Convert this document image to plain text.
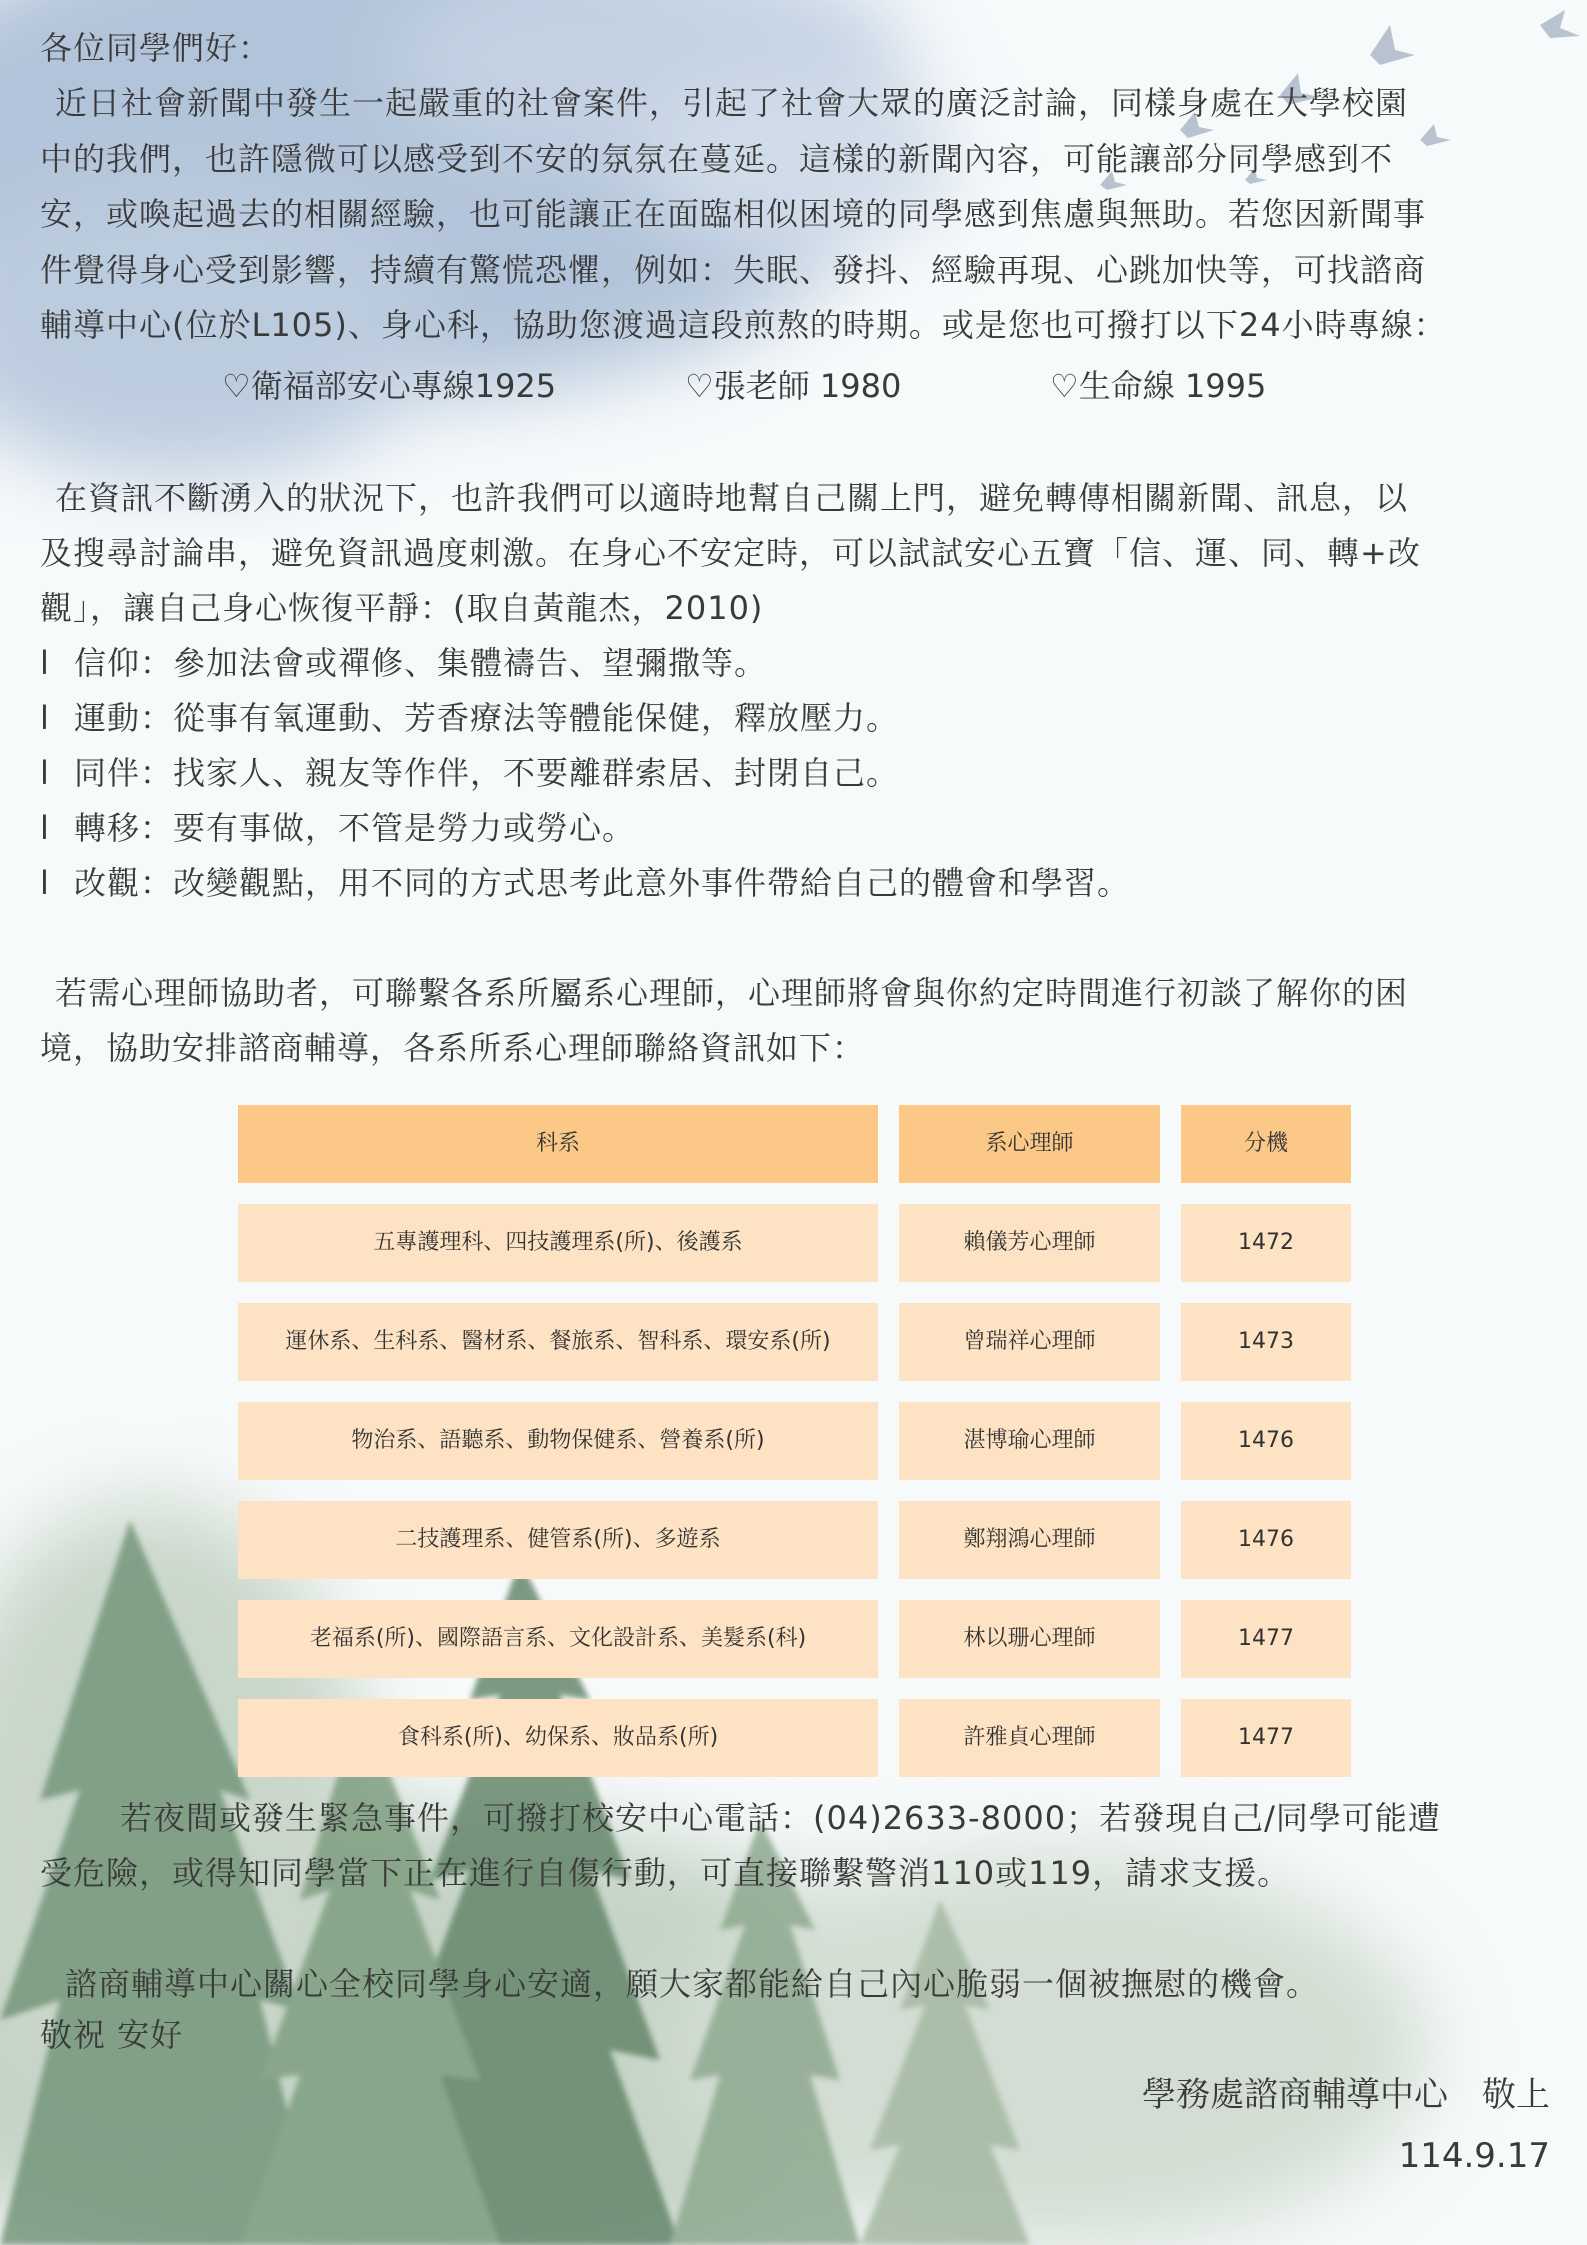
各位同學們好：
近日社會新聞中發生一起嚴重的社會案件，引起了社會大眾的廣泛討論，同樣身處在大學校園
中的我們，也許隱微可以感受到不安的氛氛在蔓延。這樣的新聞內容，可能讓部分同學感到不
安，或喚起過去的相關經驗，也可能讓正在面臨相似困境的同學感到焦慮與無助。若您因新聞事
件覺得身心受到影響，持續有驚慌恐懼，例如：失眠、發抖、經驗再現、心跳加快等，可找諮商
輔導中心(位於L105)、身心科，協助您渡過這段煎熬的時期。或是您也可撥打以下24小時專線：
♡衛福部安心專線1925	♡張老師 1980	♡生命線 1995
在資訊不斷湧入的狀況下，也許我們可以適時地幫自己關上門，避免轉傳相關新聞、訊息，以
及搜尋討論串，避免資訊過度刺激。在身心不安定時，可以試試安心五寶「信、運、同、轉+改
觀」，讓自己身心恢復平靜：(取自黃龍杰，2010)
l 信仰：參加法會或禪修、集體禱告、望彌撒等。
l 運動：從事有氧運動、芳香療法等體能保健，釋放壓力。
l 同伴：找家人、親友等作伴，不要離群索居、封閉自己。
l 轉移：要有事做，不管是勞力或勞心。
l 改觀：改變觀點，用不同的方式思考此意外事件帶給自己的體會和學習。
若需心理師協助者，可聯繫各系所屬系心理師，心理師將會與你約定時間進行初談了解你的困
境，協助安排諮商輔導，各系所系心理師聯絡資訊如下：
科系	系心理師	分機
五專護理科、四技護理系(所)、後護系	賴儀芳心理師	1472
運休系、生科系、醫材系、餐旅系、智科系、環安系(所)	曾瑞祥心理師	1473
物治系、語聽系、動物保健系、營養系(所)	湛博瑜心理師	1476
二技護理系、健管系(所)、多遊系	鄭翔鴻心理師	1476
老福系(所)、國際語言系、文化設計系、美髮系(科)	林以珊心理師	1477
食科系(所)、幼保系、妝品系(所)	許雅貞心理師	1477
若夜間或發生緊急事件，可撥打校安中心電話：(04)2633-8000；若發現自己/同學可能遭
受危險，或得知同學當下正在進行自傷行動，可直接聯繫警消110或119，請求支援。
諮商輔導中心關心全校同學身心安適，願大家都能給自己內心脆弱一個被撫慰的機會。
敬祝 安好
學務處諮商輔導中心　敬上
114.9.17
